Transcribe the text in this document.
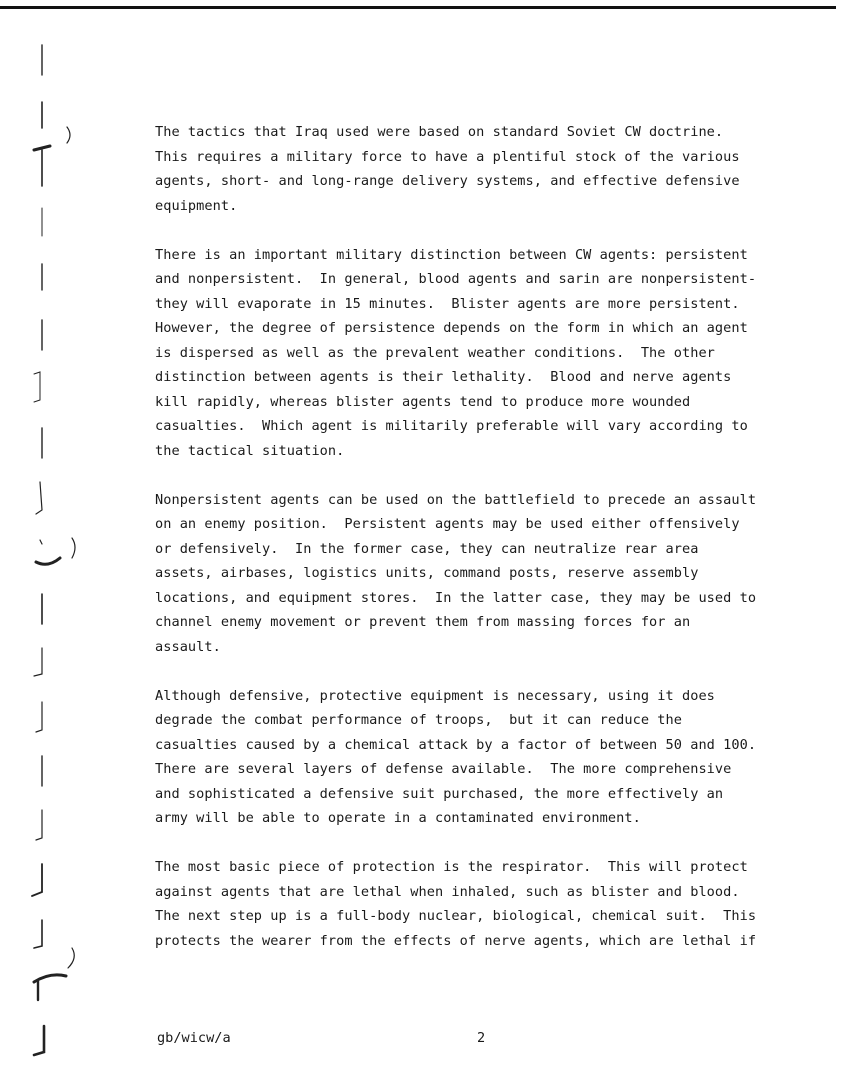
The tactics that Iraq used were based on standard Soviet CW doctrine.
This requires a military force to have a plentiful stock of the various
agents, short- and long-range delivery systems, and effective defensive
equipment.

There is an important military distinction between CW agents: persistent
and nonpersistent.  In general, blood agents and sarin are nonpersistent-
they will evaporate in 15 minutes.  Blister agents are more persistent.
However, the degree of persistence depends on the form in which an agent
is dispersed as well as the prevalent weather conditions.  The other
distinction between agents is their lethality.  Blood and nerve agents
kill rapidly, whereas blister agents tend to produce more wounded
casualties.  Which agent is militarily preferable will vary according to
the tactical situation.

Nonpersistent agents can be used on the battlefield to precede an assault
on an enemy position.  Persistent agents may be used either offensively
or defensively.  In the former case, they can neutralize rear area
assets, airbases, logistics units, command posts, reserve assembly
locations, and equipment stores.  In the latter case, they may be used to
channel enemy movement or prevent them from massing forces for an
assault.

Although defensive, protective equipment is necessary, using it does
degrade the combat performance of troops,  but it can reduce the
casualties caused by a chemical attack by a factor of between 50 and 100.
There are several layers of defense available.  The more comprehensive
and sophisticated a defensive suit purchased, the more effectively an
army will be able to operate in a contaminated environment.

The most basic piece of protection is the respirator.  This will protect
against agents that are lethal when inhaled, such as blister and blood.
The next step up is a full-body nuclear, biological, chemical suit.  This
protects the wearer from the effects of nerve agents, which are lethal if

gb/wicw/a	2
